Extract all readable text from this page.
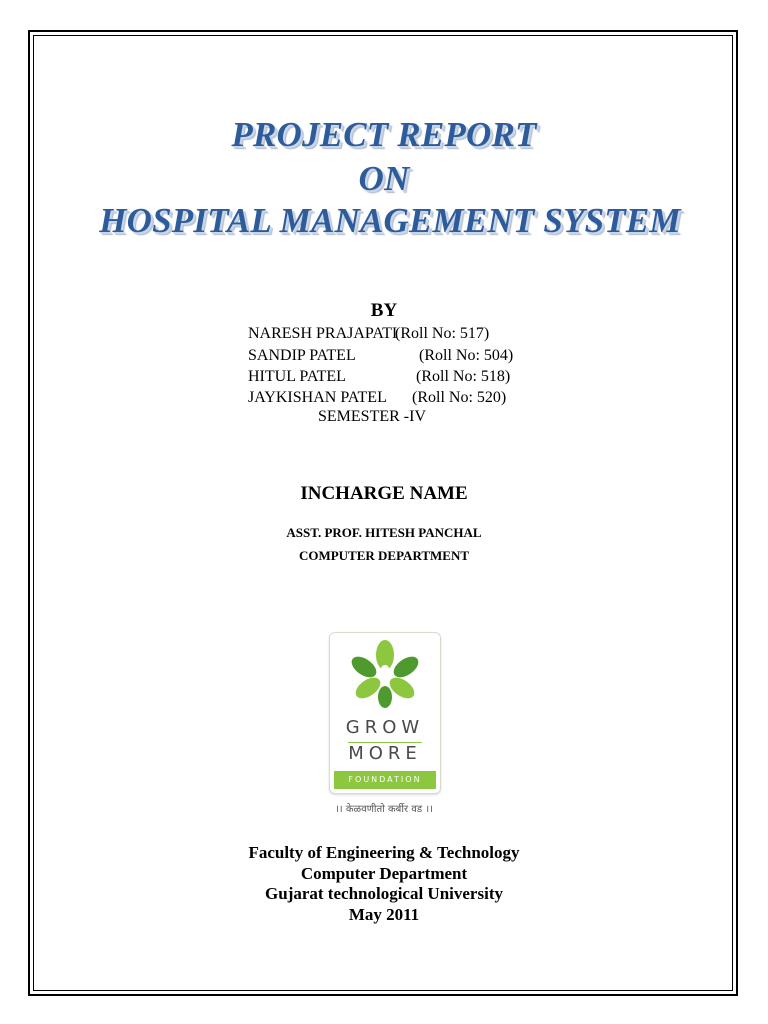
PROJECT REPORT
ON
HOSPITAL MANAGEMENT SYSTEM
BY
NARESH PRAJAPATI
(Roll No: 517)
SANDIP PATEL	(Roll No: 504)
HITUL PATEL	(Roll No: 518)
JAYKISHAN PATEL (Roll No: 520)
SEMESTER -IV
INCHARGE NAME
ASST. PROF. HITESH PANCHAL
COMPUTER DEPARTMENT
GROW
MORE
FOUNDATION
।। केळवणीतो कर्बीर वड ।।
Faculty of Engineering & Technology
Computer Department
Gujarat technological University
May 2011
